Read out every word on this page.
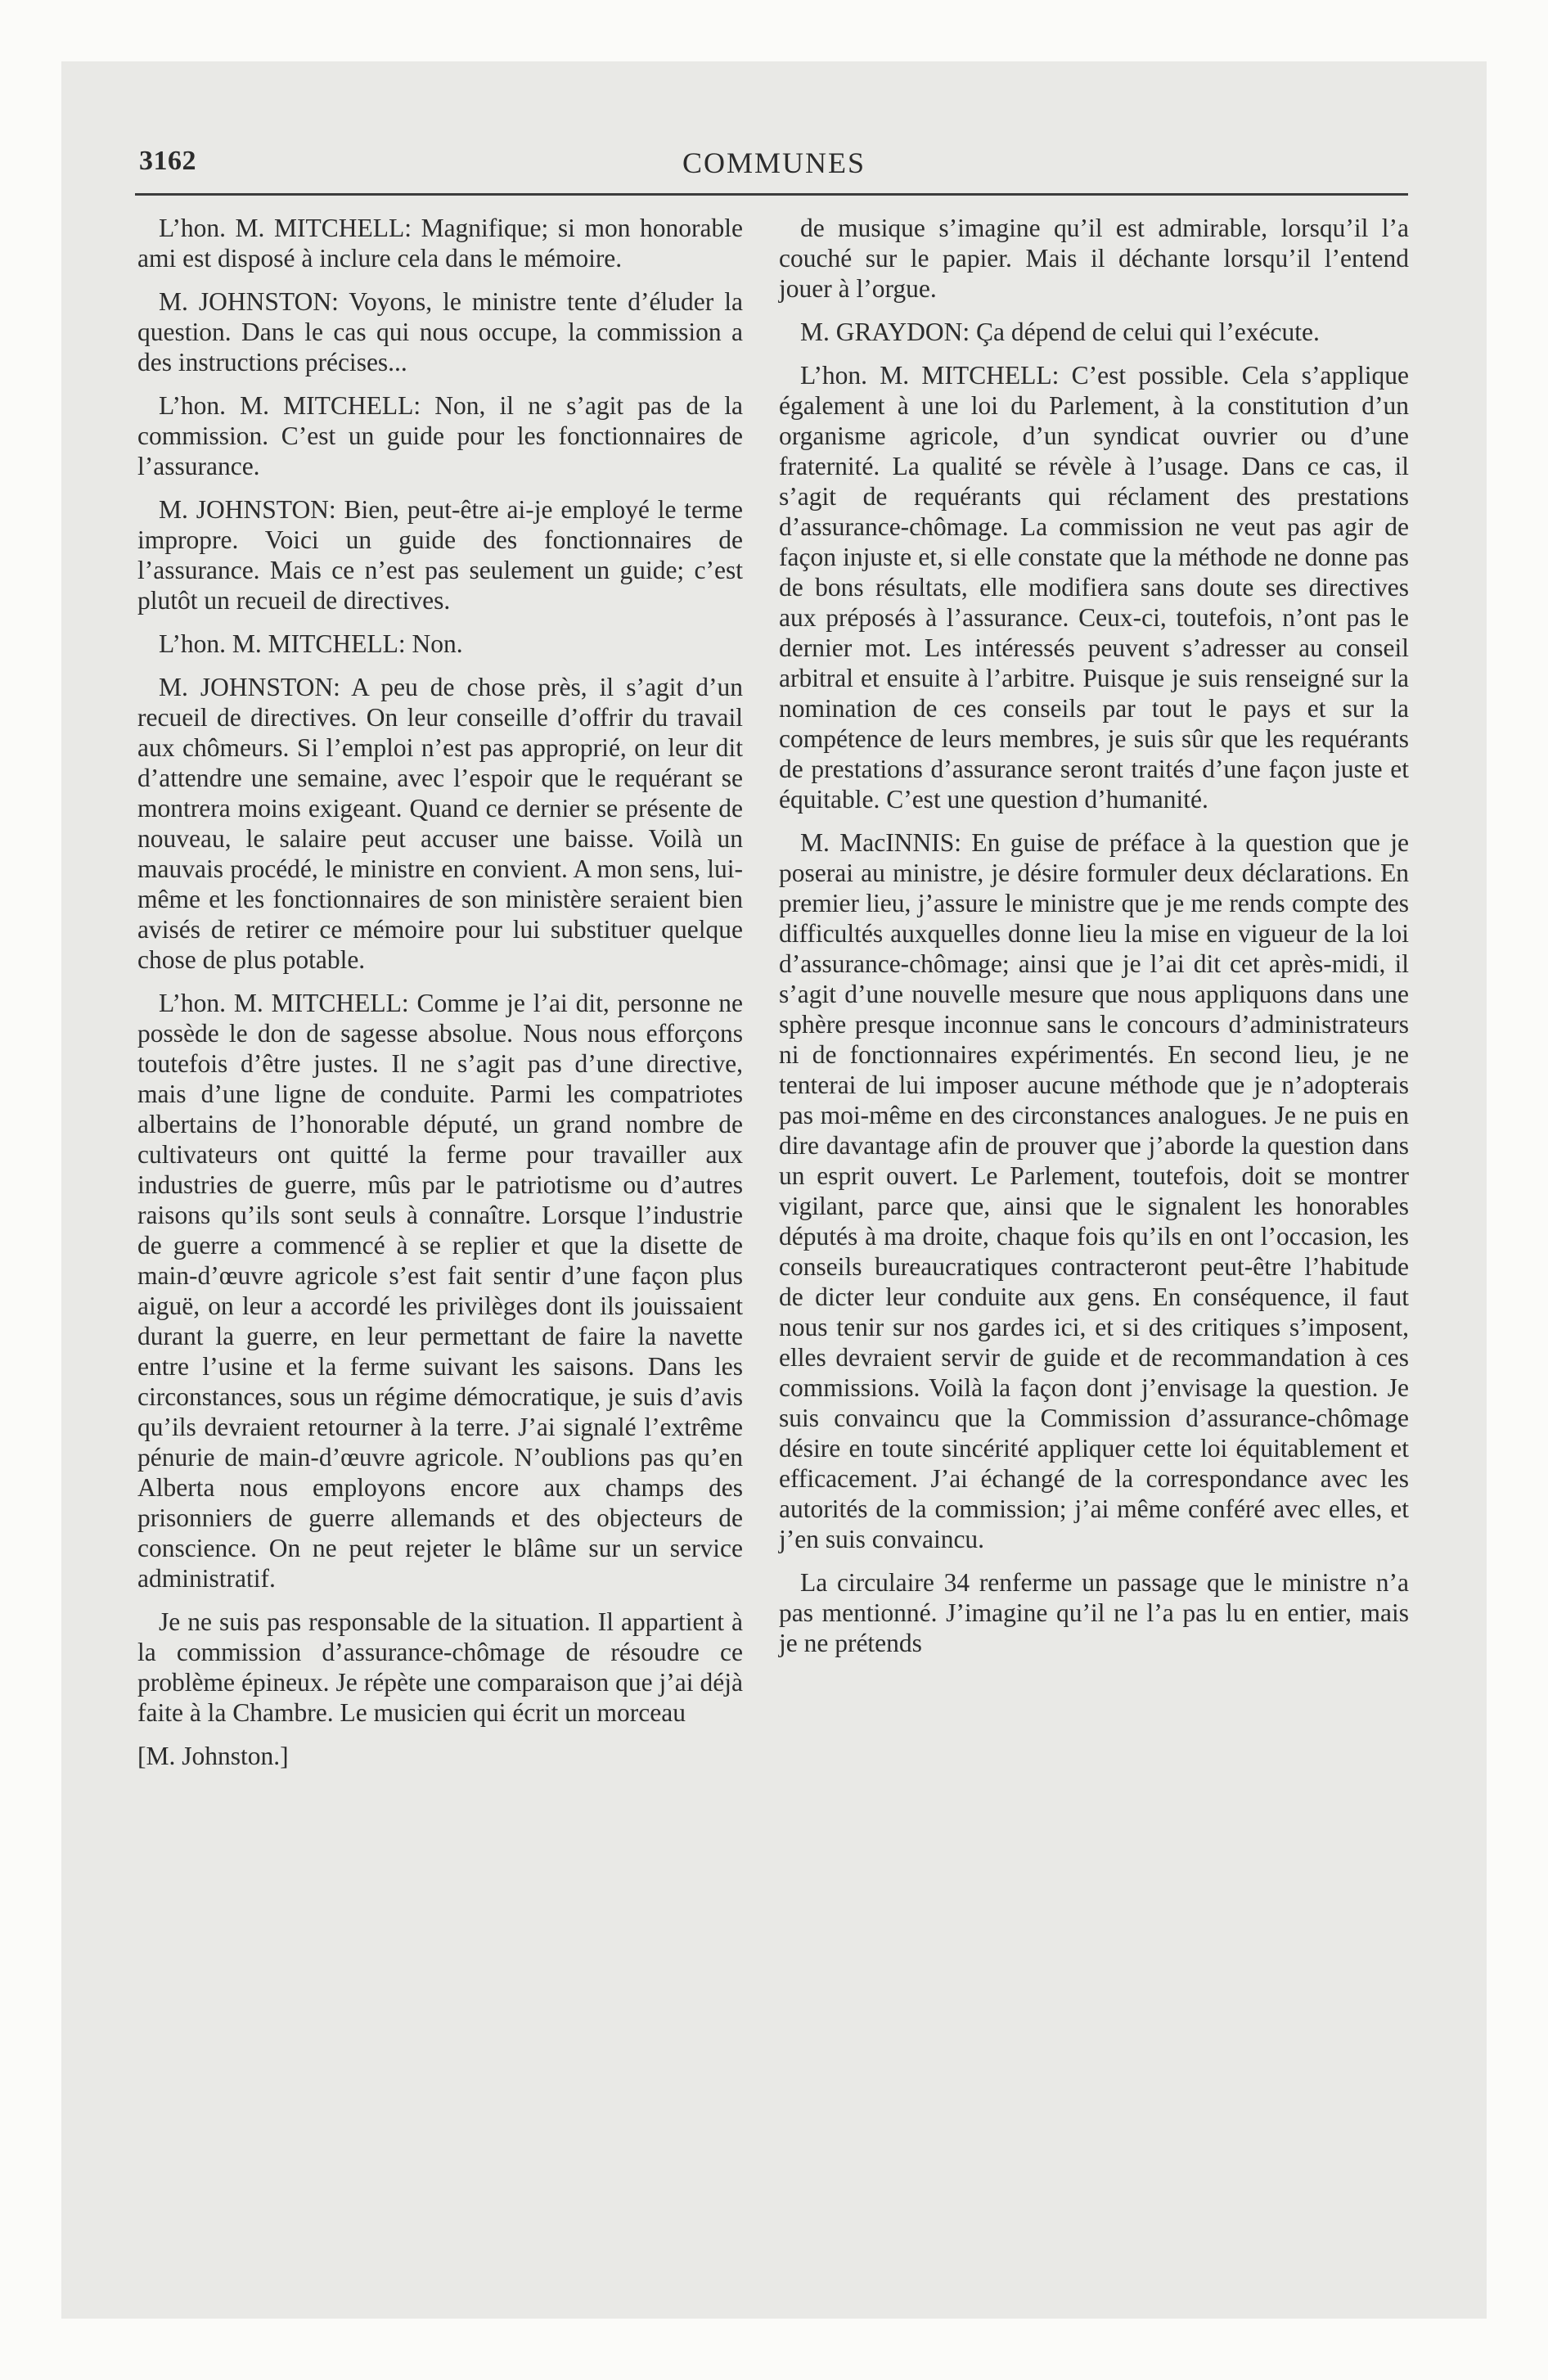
3162	COMMUNES

L’hon. M. MITCHELL: Magnifique; si mon honorable ami est disposé à inclure cela dans le mémoire.

M. JOHNSTON: Voyons, le ministre tente d’éluder la question. Dans le cas qui nous occupe, la commission a des instructions précises...

L’hon. M. MITCHELL: Non, il ne s’agit pas de la commission. C’est un guide pour les fonctionnaires de l’assurance.

M. JOHNSTON: Bien, peut-être ai-je employé le terme impropre. Voici un guide des fonctionnaires de l’assurance. Mais ce n’est pas seulement un guide; c’est plutôt un recueil de directives.

L’hon. M. MITCHELL: Non.

M. JOHNSTON: A peu de chose près, il s’agit d’un recueil de directives. On leur conseille d’offrir du travail aux chômeurs. Si l’emploi n’est pas approprié, on leur dit d’attendre une semaine, avec l’espoir que le requérant se montrera moins exigeant. Quand ce dernier se présente de nouveau, le salaire peut accuser une baisse. Voilà un mauvais procédé, le ministre en convient. A mon sens, lui-même et les fonctionnaires de son ministère seraient bien avisés de retirer ce mémoire pour lui substituer quelque chose de plus potable.

L’hon. M. MITCHELL: Comme je l’ai dit, personne ne possède le don de sagesse absolue. Nous nous efforçons toutefois d’être justes. Il ne s’agit pas d’une directive, mais d’une ligne de conduite. Parmi les compatriotes albertains de l’honorable député, un grand nombre de cultivateurs ont quitté la ferme pour travailler aux industries de guerre, mûs par le patriotisme ou d’autres raisons qu’ils sont seuls à connaître. Lorsque l’industrie de guerre a commencé à se replier et que la disette de main-d’œuvre agricole s’est fait sentir d’une façon plus aiguë, on leur a accordé les privilèges dont ils jouissaient durant la guerre, en leur permettant de faire la navette entre l’usine et la ferme suivant les saisons. Dans les circonstances, sous un régime démocratique, je suis d’avis qu’ils devraient retourner à la terre. J’ai signalé l’extrême pénurie de main-d’œuvre agricole. N’oublions pas qu’en Alberta nous employons encore aux champs des prisonniers de guerre allemands et des objecteurs de conscience. On ne peut rejeter le blâme sur un service administratif.

Je ne suis pas responsable de la situation. Il appartient à la commission d’assurance-chômage de résoudre ce problème épineux. Je répète une comparaison que j’ai déjà faite à la Chambre. Le musicien qui écrit un morceau

[M. Johnston.]

de musique s’imagine qu’il est admirable, lorsqu’il l’a couché sur le papier. Mais il déchante lorsqu’il l’entend jouer à l’orgue.

M. GRAYDON: Ça dépend de celui qui l’exécute.

L’hon. M. MITCHELL: C’est possible. Cela s’applique également à une loi du Parlement, à la constitution d’un organisme agricole, d’un syndicat ouvrier ou d’une fraternité. La qualité se révèle à l’usage. Dans ce cas, il s’agit de requérants qui réclament des prestations d’assurance-chômage. La commission ne veut pas agir de façon injuste et, si elle constate que la méthode ne donne pas de bons résultats, elle modifiera sans doute ses directives aux préposés à l’assurance. Ceux-ci, toutefois, n’ont pas le dernier mot. Les intéressés peuvent s’adresser au conseil arbitral et ensuite à l’arbitre. Puisque je suis renseigné sur la nomination de ces conseils par tout le pays et sur la compétence de leurs membres, je suis sûr que les requérants de prestations d’assurance seront traités d’une façon juste et équitable. C’est une question d’humanité.

M. MacINNIS: En guise de préface à la question que je poserai au ministre, je désire formuler deux déclarations. En premier lieu, j’assure le ministre que je me rends compte des difficultés auxquelles donne lieu la mise en vigueur de la loi d’assurance-chômage; ainsi que je l’ai dit cet après-midi, il s’agit d’une nouvelle mesure que nous appliquons dans une sphère presque inconnue sans le concours d’administrateurs ni de fonctionnaires expérimentés. En second lieu, je ne tenterai de lui imposer aucune méthode que je n’adopterais pas moi-même en des circonstances analogues. Je ne puis en dire davantage afin de prouver que j’aborde la question dans un esprit ouvert. Le Parlement, toutefois, doit se montrer vigilant, parce que, ainsi que le signalent les honorables députés à ma droite, chaque fois qu’ils en ont l’occasion, les conseils bureaucratiques contracteront peut-être l’habitude de dicter leur conduite aux gens. En conséquence, il faut nous tenir sur nos gardes ici, et si des critiques s’imposent, elles devraient servir de guide et de recommandation à ces commissions. Voilà la façon dont j’envisage la question. Je suis convaincu que la Commission d’assurance-chômage désire en toute sincérité appliquer cette loi équitablement et efficacement. J’ai échangé de la correspondance avec les autorités de la commission; j’ai même conféré avec elles, et j’en suis convaincu.

La circulaire 34 renferme un passage que le ministre n’a pas mentionné. J’imagine qu’il ne l’a pas lu en entier, mais je ne prétends
